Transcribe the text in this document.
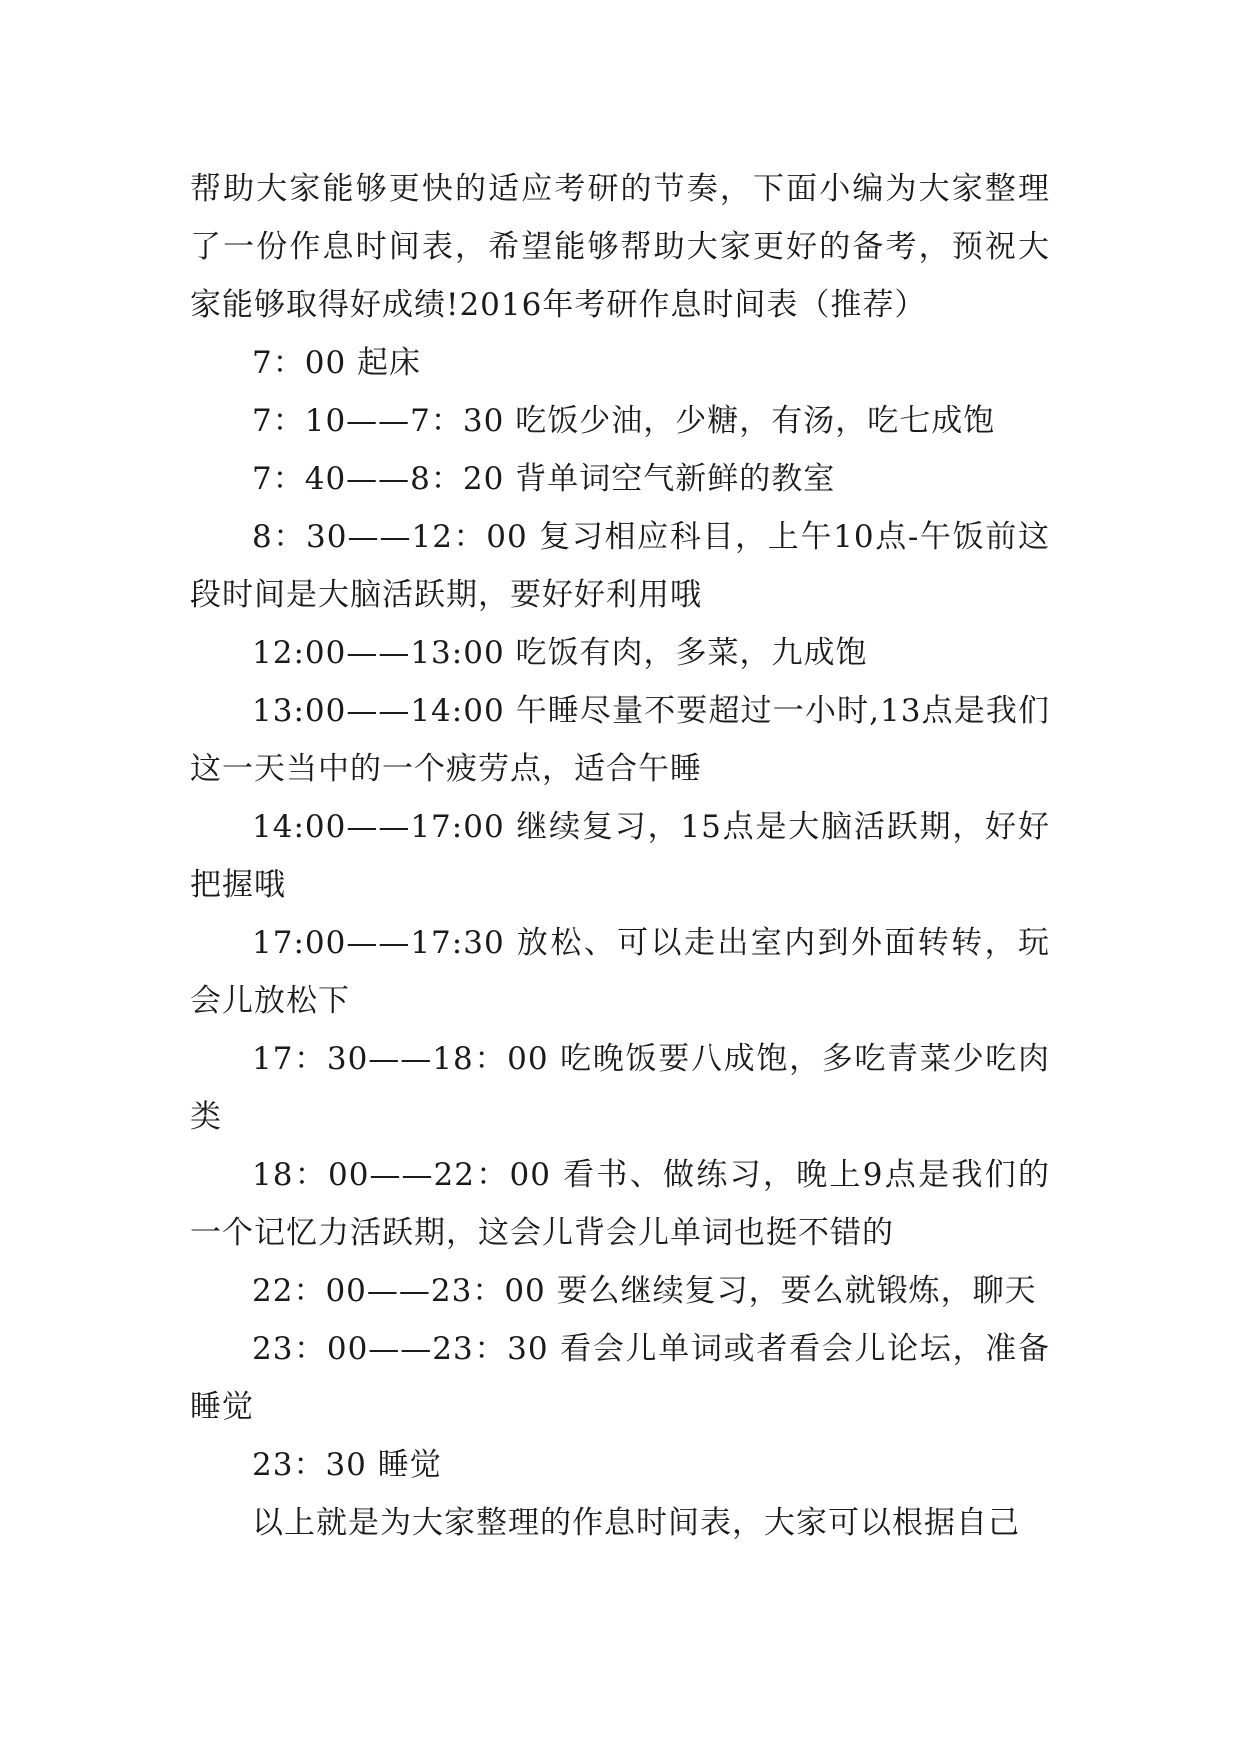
帮助大家能够更快的适应考研的节奏，下面小编为大家整理了一份作息时间表，希望能够帮助大家更好的备考，预祝大家能够取得好成绩!2016年考研作息时间表（推荐）

7：00 起床

7：10——7：30 吃饭少油，少糖，有汤，吃七成饱

7：40——8：20 背单词空气新鲜的教室

8：30——12：00 复习相应科目，上午10点-午饭前这段时间是大脑活跃期，要好好利用哦

12:00——13:00 吃饭有肉，多菜，九成饱

13:00——14:00 午睡尽量不要超过一小时,13点是我们这一天当中的一个疲劳点，适合午睡

14:00——17:00 继续复习，15点是大脑活跃期，好好把握哦

17:00——17:30 放松、可以走出室内到外面转转，玩会儿放松下

17：30——18：00 吃晚饭要八成饱，多吃青菜少吃肉类

18：00——22：00 看书、做练习，晚上9点是我们的一个记忆力活跃期，这会儿背会儿单词也挺不错的

22：00——23：00 要么继续复习，要么就锻炼，聊天

23：00——23：30 看会儿单词或者看会儿论坛，准备睡觉

23：30 睡觉

以上就是为大家整理的作息时间表，大家可以根据自己
